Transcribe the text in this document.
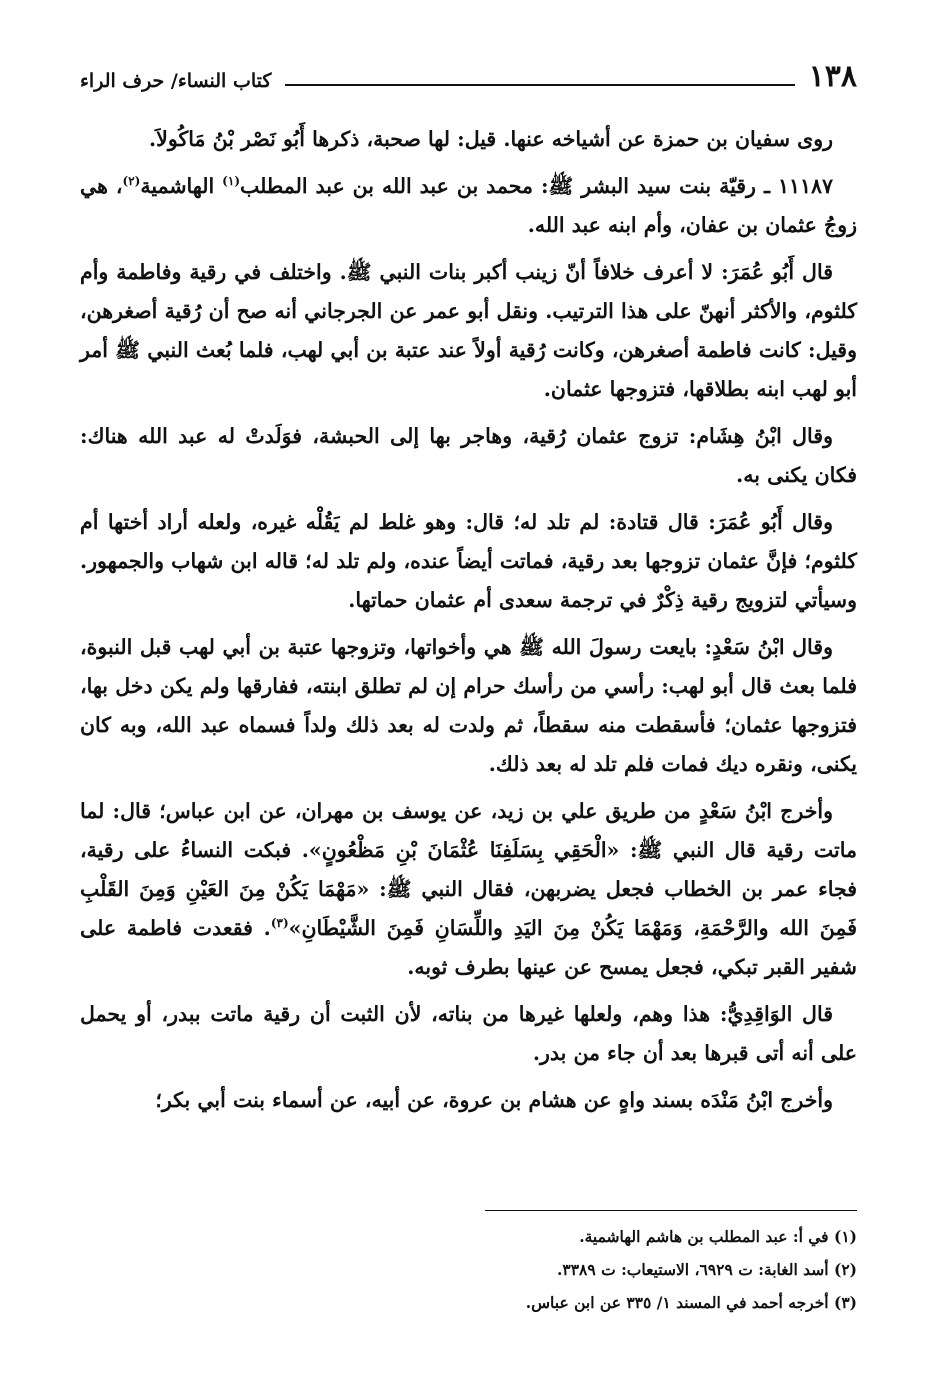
١٣٨
كتاب النساء/ حرف الراء

روى سفيان بن حمزة عن أشياخه عنها. قيل: لها صحبة، ذكرها أَبُو نَصْر بْنُ مَاكُولاَ.

١١١٨٧ ـ رقيّة بنت سيد البشر ﷺ: محمد بن عبد الله بن عبد المطلب$^{(١)}$ الهاشمية$^{(٢)}$، هي زوجُ عثمان بن عفان، وأم ابنه عبد الله.

قال أَبُو عُمَرَ: لا أعرف خلافاً أنّ زينب أكبر بنات النبي ﷺ. واختلف في رقية وفاطمة وأم كلثوم، والأكثر أنهنّ على هذا الترتيب. ونقل أبو عمر عن الجرجاني أنه صح أن رُقية أصغرهن، وقيل: كانت فاطمة أصغرهن، وكانت رُقية أولاً عند عتبة بن أبي لهب، فلما بُعث النبي ﷺ أمر أبو لهب ابنه بطلاقها، فتزوجها عثمان.

وقال ابْنُ هِشَام: تزوج عثمان رُقية، وهاجر بها إلى الحبشة، فوَلَدتْ له عبد الله هناك: فكان يكنى به.

وقال أَبُو عُمَرَ: قال قتادة: لم تلد له؛ قال: وهو غلط لم يَقُلْه غيره، ولعله أراد أختها أم كلثوم؛ فإنَّ عثمان تزوجها بعد رقية، فماتت أيضاً عنده، ولم تلد له؛ قاله ابن شهاب والجمهور. وسيأتي لتزويج رقية ذِكْرٌ في ترجمة سعدى أم عثمان حماتها.

وقال ابْنُ سَعْدٍ: بايعت رسولَ الله ﷺ هي وأخواتها، وتزوجها عتبة بن أبي لهب قبل النبوة، فلما بعث قال أبو لهب: رأسي من رأسك حرام إن لم تطلق ابنته، ففارقها ولم يكن دخل بها، فتزوجها عثمان؛ فأسقطت منه سقطاً، ثم ولدت له بعد ذلك ولداً فسماه عبد الله، وبه كان يكنى، ونقره ديك فمات فلم تلد له بعد ذلك.

وأخرج ابْنُ سَعْدٍ من طريق علي بن زيد، عن يوسف بن مهران، عن ابن عباس؛ قال: لما ماتت رقية قال النبي ﷺ: «الْحَقِي بِسَلَفِنَا عُثْمَانَ بْنِ مَظْعُونٍ». فبكت النساءُ على رقية، فجاء عمر بن الخطاب فجعل يضربهن، فقال النبي ﷺ: «مَهْمَا يَكُنْ مِنَ العَيْنِ وَمِنَ القَلْبِ فَمِنَ الله والرَّحْمَةِ، وَمَهْمَا يَكُنْ مِنَ اليَدِ واللِّسَانِ فَمِنَ الشَّيْطَانِ»$^{(٣)}$. فقعدت فاطمة على شفير القبر تبكي، فجعل يمسح عن عينها بطرف ثوبه.

قال الوَاقِدِيُّ: هذا وهم، ولعلها غيرها من بناته، لأن الثبت أن رقية ماتت ببدر، أو يحمل على أنه أتى قبرها بعد أن جاء من بدر.

وأخرج ابْنُ مَنْدَه بسند واهٍ عن هشام بن عروة، عن أبيه، عن أسماء بنت أبي بكر؛

(١) في أ: عبد المطلب بن هاشم الهاشمية.

(٢) أسد الغابة: ت ٦٩٢٩، الاستيعاب: ت ٣٣٨٩.

(٣) أخرجه أحمد في المسند ١/ ٣٣٥ عن ابن عباس.
